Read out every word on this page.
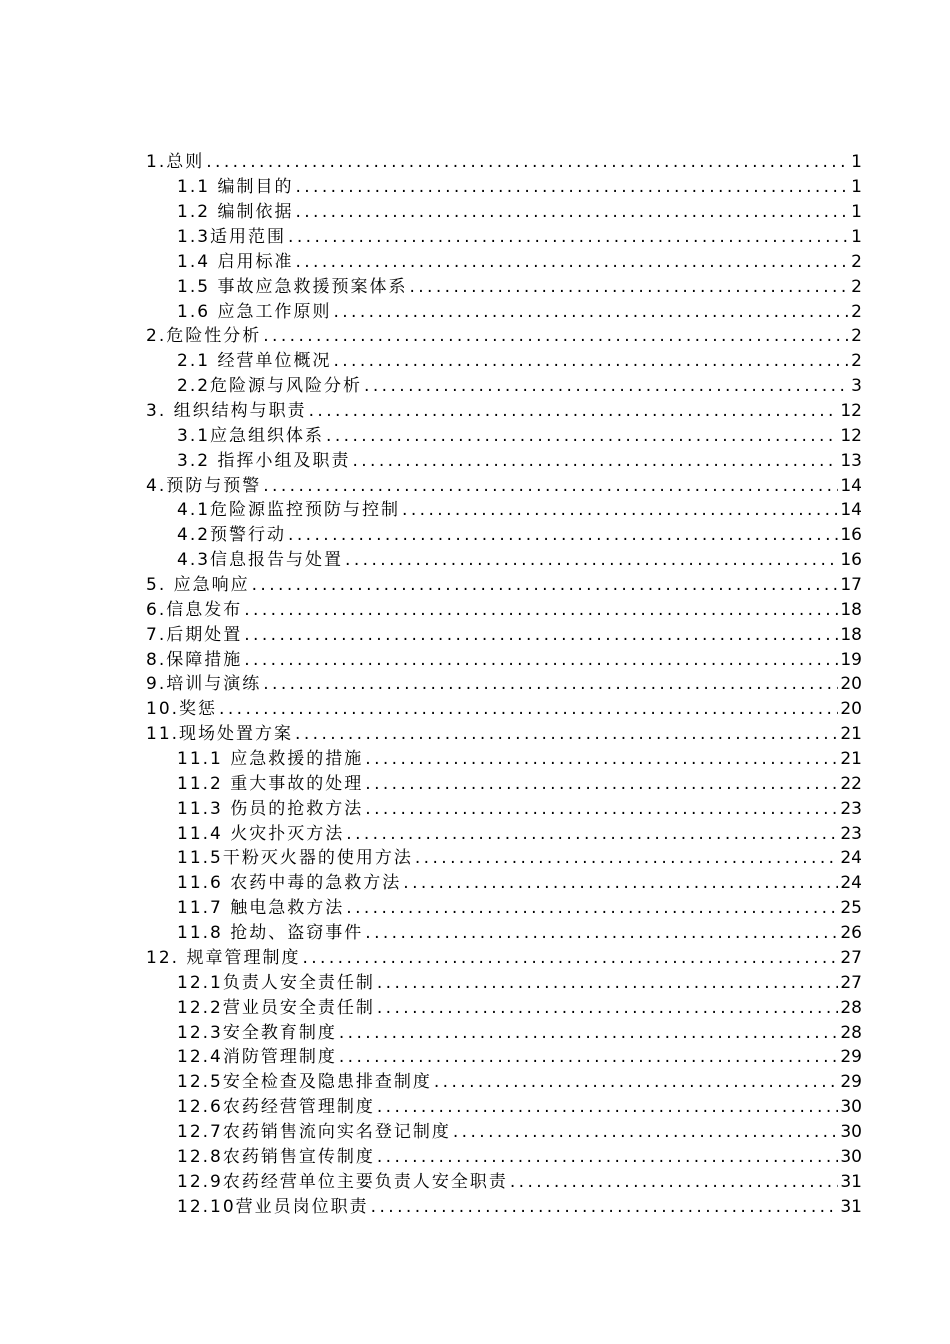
1.总则 .....	1
1.1 编制目的 .....	1
1.2 编制依据 .....	1
1.3适用范围 .....	1
1.4 启用标准 .....	2
1.5 事故应急救援预案体系 .....	2
1.6 应急工作原则 .....	2
2.危险性分析 .....	2
2.1 经营单位概况 .....	2
2.2危险源与风险分析 .....	3
3. 组织结构与职责 .....	12
3.1应急组织体系 .....	12
3.2 指挥小组及职责 .....	13
4.预防与预警 .....	14
4.1危险源监控预防与控制 .....	14
4.2预警行动 .....	16
4.3信息报告与处置 .....	16
5. 应急响应 .....	17
6.信息发布 .....	18
7.后期处置 .....	18
8.保障措施 .....	19
9.培训与演练 .....	20
10.奖惩 .....	20
11.现场处置方案 .....	21
11.1 应急救援的措施 .....	21
11.2 重大事故的处理 .....	22
11.3 伤员的抢救方法 .....	23
11.4 火灾扑灭方法 .....	23
11.5干粉灭火器的使用方法 .....	24
11.6 农药中毒的急救方法 .....	24
11.7 触电急救方法 .....	25
11.8 抢劫、盗窃事件 .....	26
12. 规章管理制度 .....	27
12.1负责人安全责任制 .....	27
12.2营业员安全责任制 .....	28
12.3安全教育制度 .....	28
12.4消防管理制度 .....	29
12.5安全检查及隐患排查制度 .....	29
12.6农药经营管理制度 .....	30
12.7农药销售流向实名登记制度 .....	30
12.8农药销售宣传制度 .....	30
12.9农药经营单位主要负责人安全职责 .....	31
12.10营业员岗位职责 .....	31
